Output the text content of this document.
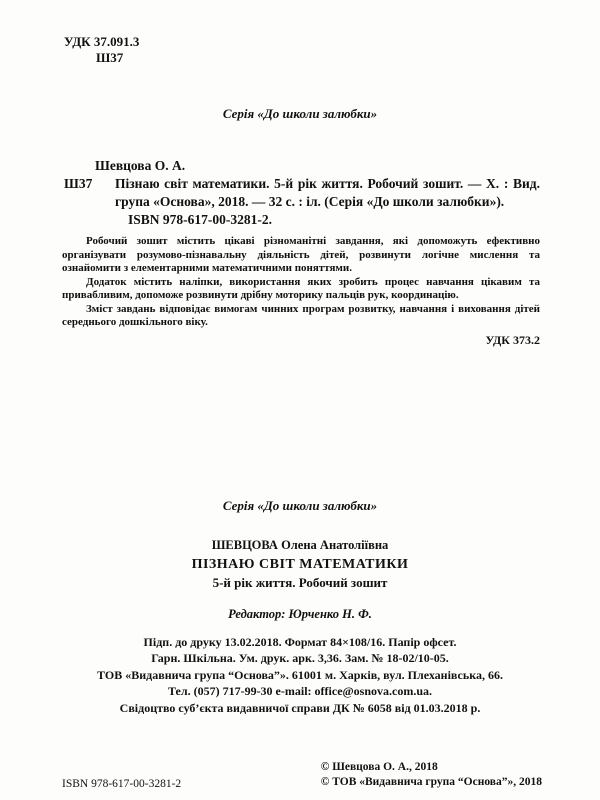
УДК 37.091.3
Ш37
Серія «До школи залюбки»
Шевцова О. А.
Ш37 Пізнаю світ математики. 5-й рік життя. Робочий зошит. — Х. : Вид. група «Основа», 2018. — 32 с. : іл. (Серія «До школи залюбки»).
ISBN 978-617-00-3281-2.

Робочий зошит містить цікаві різноманітні завдання, які допоможуть ефективно організувати розумово-пізнавальну діяльність дітей, розвинути логічне мислення та ознайомити з елементарними математичними поняттями.

Додаток містить наліпки, використання яких зробить процес навчання цікавим та привабливим, допоможе розвинути дрібну моторику пальців рук, координацію.

Зміст завдань відповідає вимогам чинних програм розвитку, навчання і виховання дітей середнього дошкільного віку.

УДК 373.2
Серія «До школи залюбки»
ШЕВЦОВА Олена Анатоліївна
ПІЗНАЮ СВІТ МАТЕМАТИКИ
5-й рік життя. Робочий зошит
Редактор: Юрченко Н. Ф.

Підп. до друку 13.02.2018. Формат 84×108/16. Папір офсет.

Гарн. Шкільна. Ум. друк. арк. 3,36. Зам. № 18-02/10-05.

ТОВ «Видавнича група “Основа”». 61001 м. Харків, вул. Плеханівська, 66.

Тел. (057) 717-99-30 e-mail: office@osnova.com.ua.

Свідоцтво суб’єкта видавничої справи ДК № 6058 від 01.03.2018 р.

ISBN 978-617-00-3281-2
© Шевцова О. А., 2018
© ТОВ «Видавнича група “Основа”», 2018
